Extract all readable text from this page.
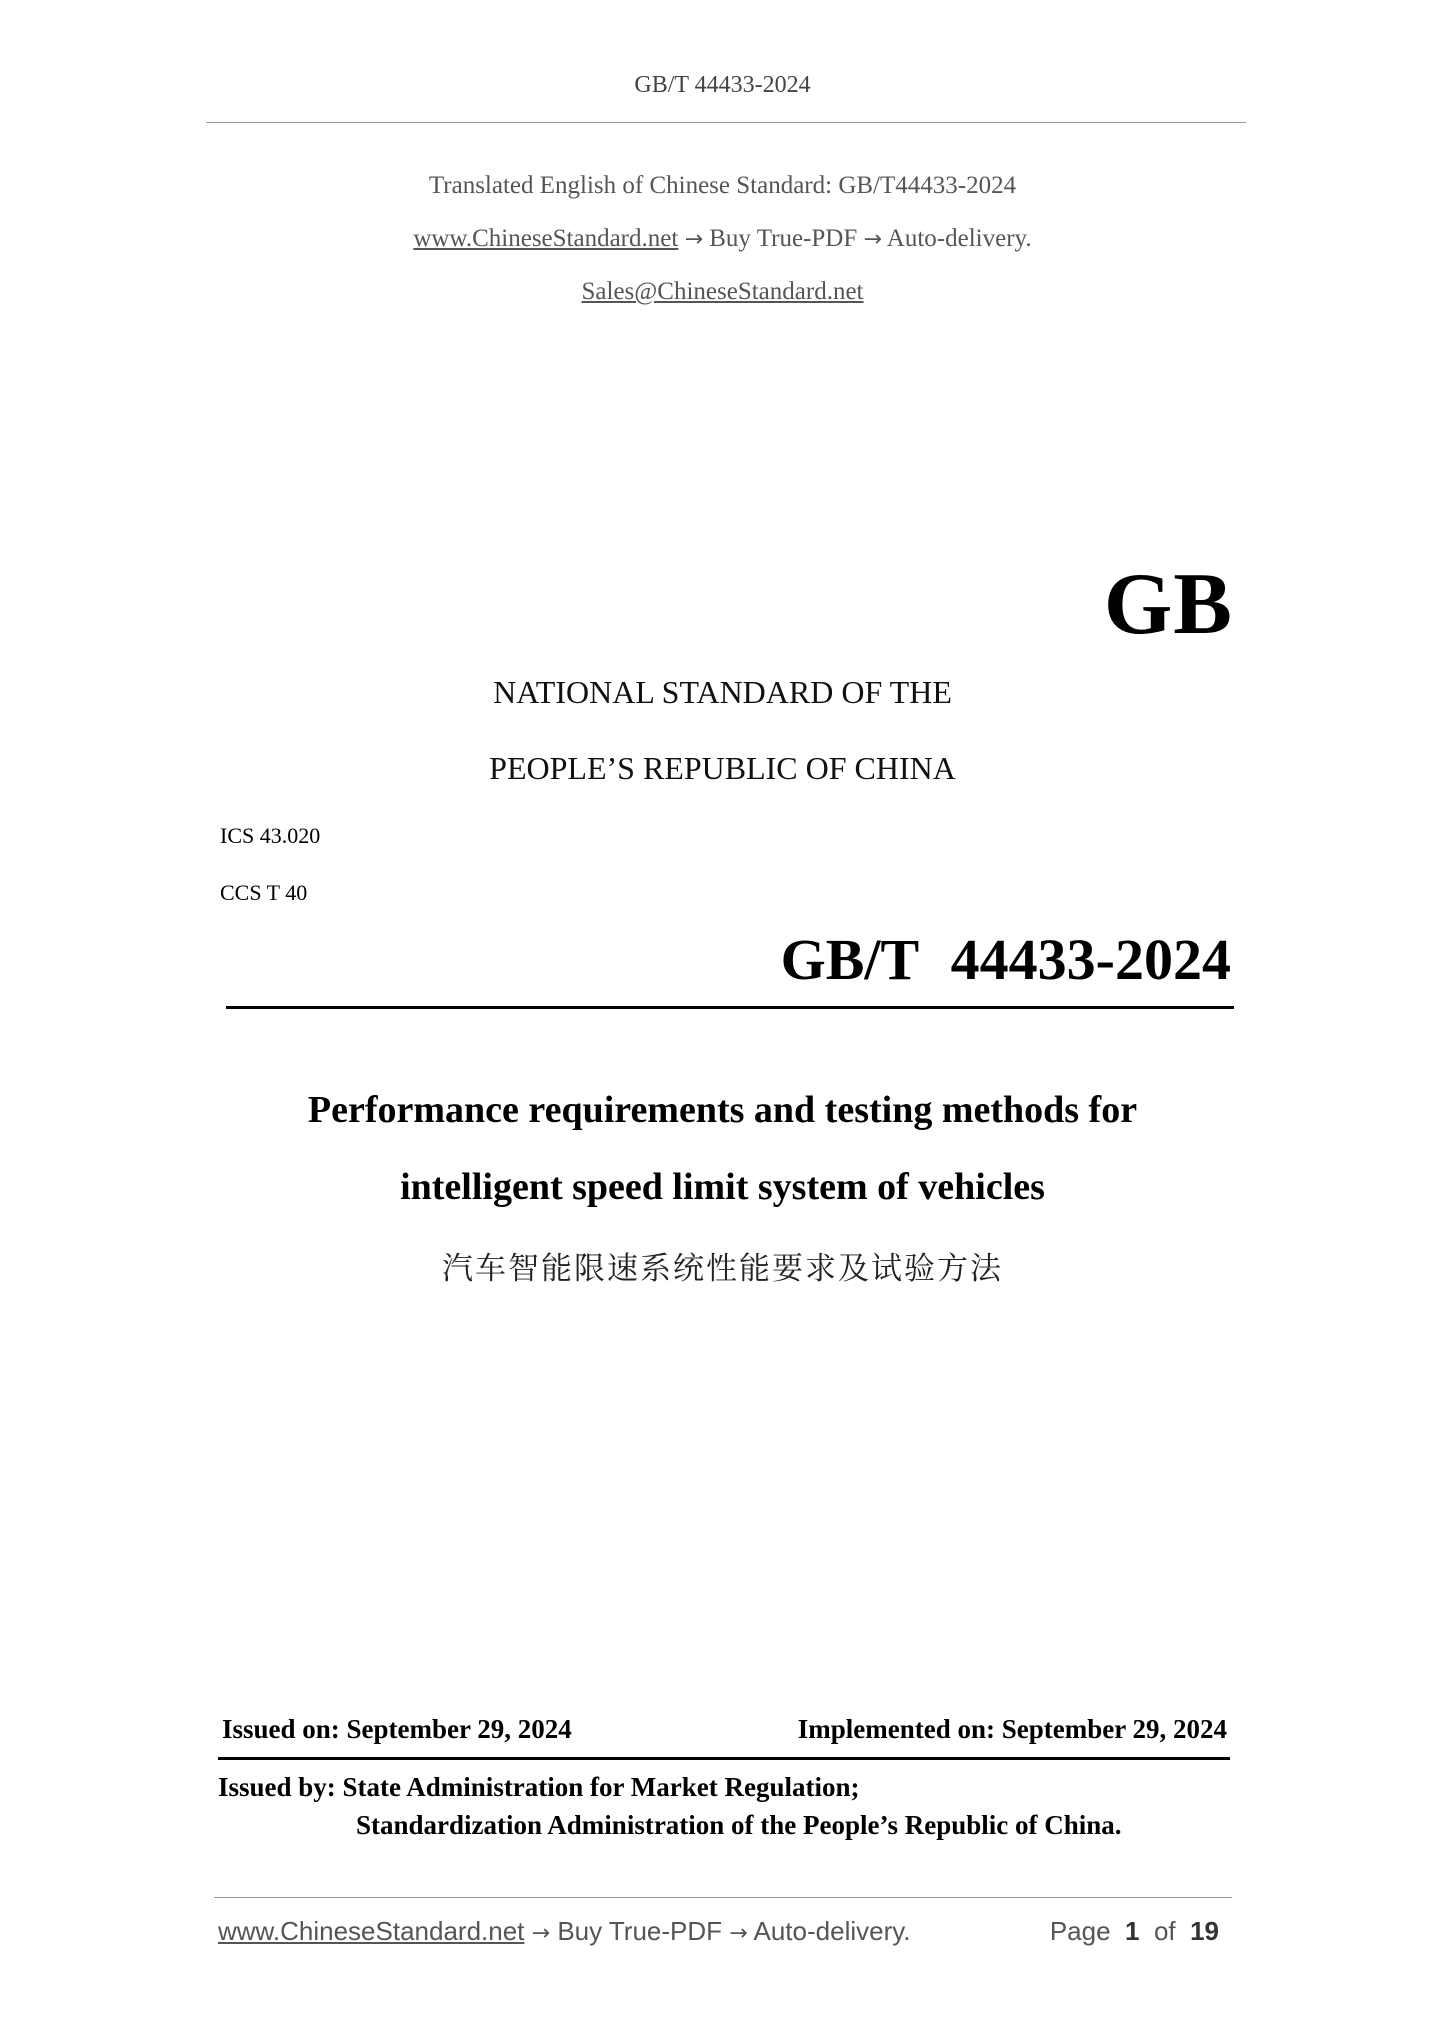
GB/T 44433-2024
Translated English of Chinese Standard: GB/T44433-2024
www.ChineseStandard.net → Buy True-PDF → Auto-delivery.
Sales@ChineseStandard.net
GB
NATIONAL STANDARD OF THE
PEOPLE’S REPUBLIC OF CHINA
ICS 43.020
CCS T 40
GB/T 44433-2024
Performance requirements and testing methods for
intelligent speed limit system of vehicles
汽车智能限速系统性能要求及试验方法
Issued on: September 29, 2024	Implemented on: September 29, 2024
Issued by: State Administration for Market Regulation;
Standardization Administration of the People’s Republic of China.
www.ChineseStandard.net → Buy True-PDF → Auto-delivery.	Page 1 of 19
